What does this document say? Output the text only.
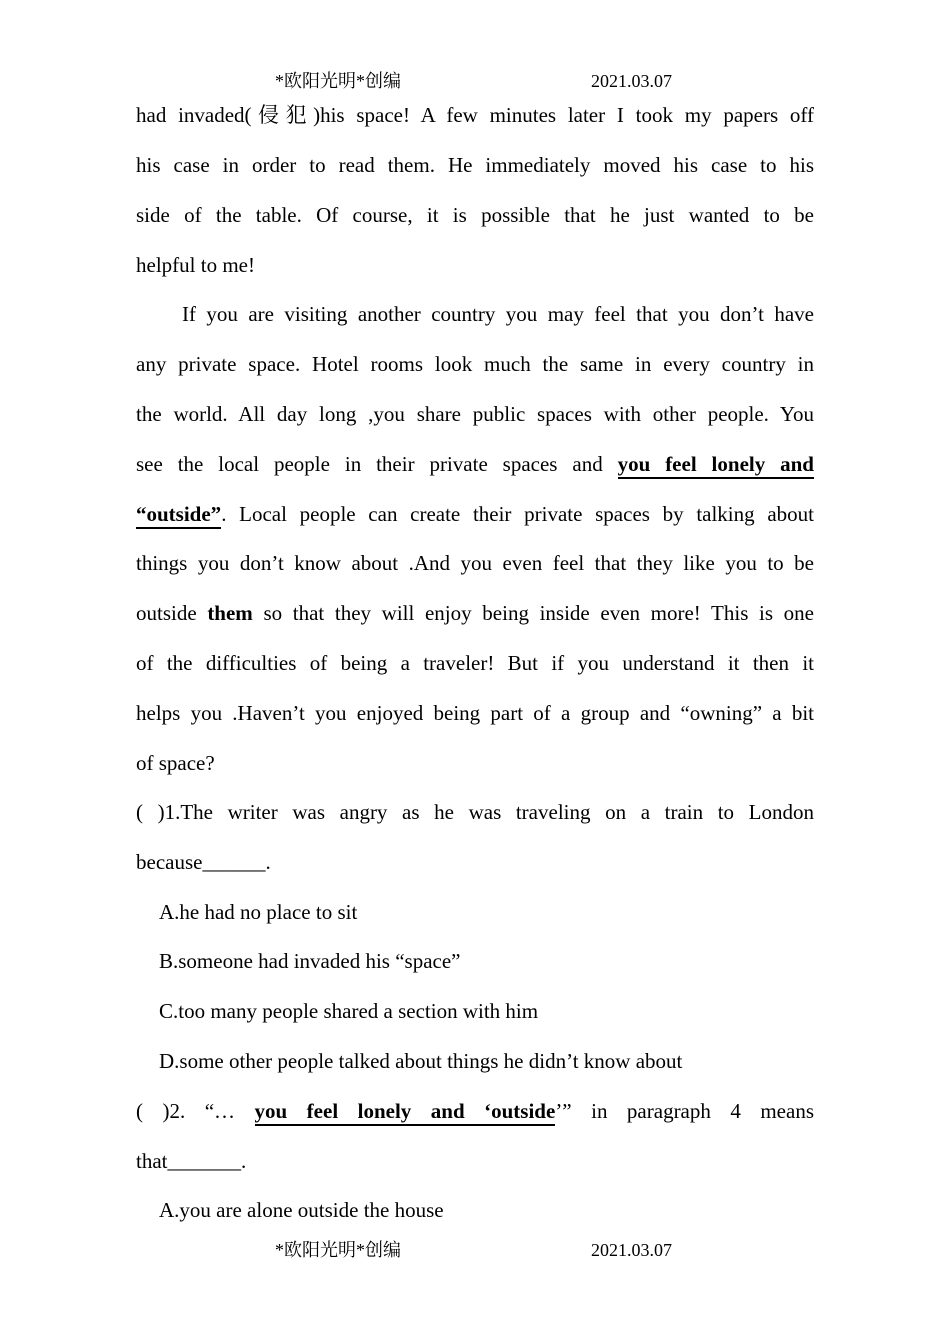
*欧阳光明*创编	2021.03.07
had invaded(侵犯)his space! A few minutes later I took my papers off
his case in order to read them. He immediately moved his case to his
side of the table. Of course, it is possible that he just wanted to be
helpful to me!
If you are visiting another country you may feel that you don’t have
any private space. Hotel rooms look much the same in every country in
the world. All day long ,you share public spaces with other people. You
see the local people in their private spaces and you feel lonely and
“outside”. Local people can create their private spaces by talking about
things you don’t know about .And you even feel that they like you to be
outside them so that they will enjoy being inside even more! This is one
of the difficulties of being a traveler! But if you understand it then it
helps you .Haven’t you enjoyed being part of a group and “owning” a bit
of space?
( )1.The writer was angry as he was traveling on a train to London
because______.
A.he had no place to sit
B.someone had invaded his “space”
C.too many people shared a section with him
D.some other people talked about things he didn’t know about
( )2. “… you feel lonely and ‘outside’” in paragraph 4 means
that_______.
A.you are alone outside the house
*欧阳光明*创编	2021.03.07
